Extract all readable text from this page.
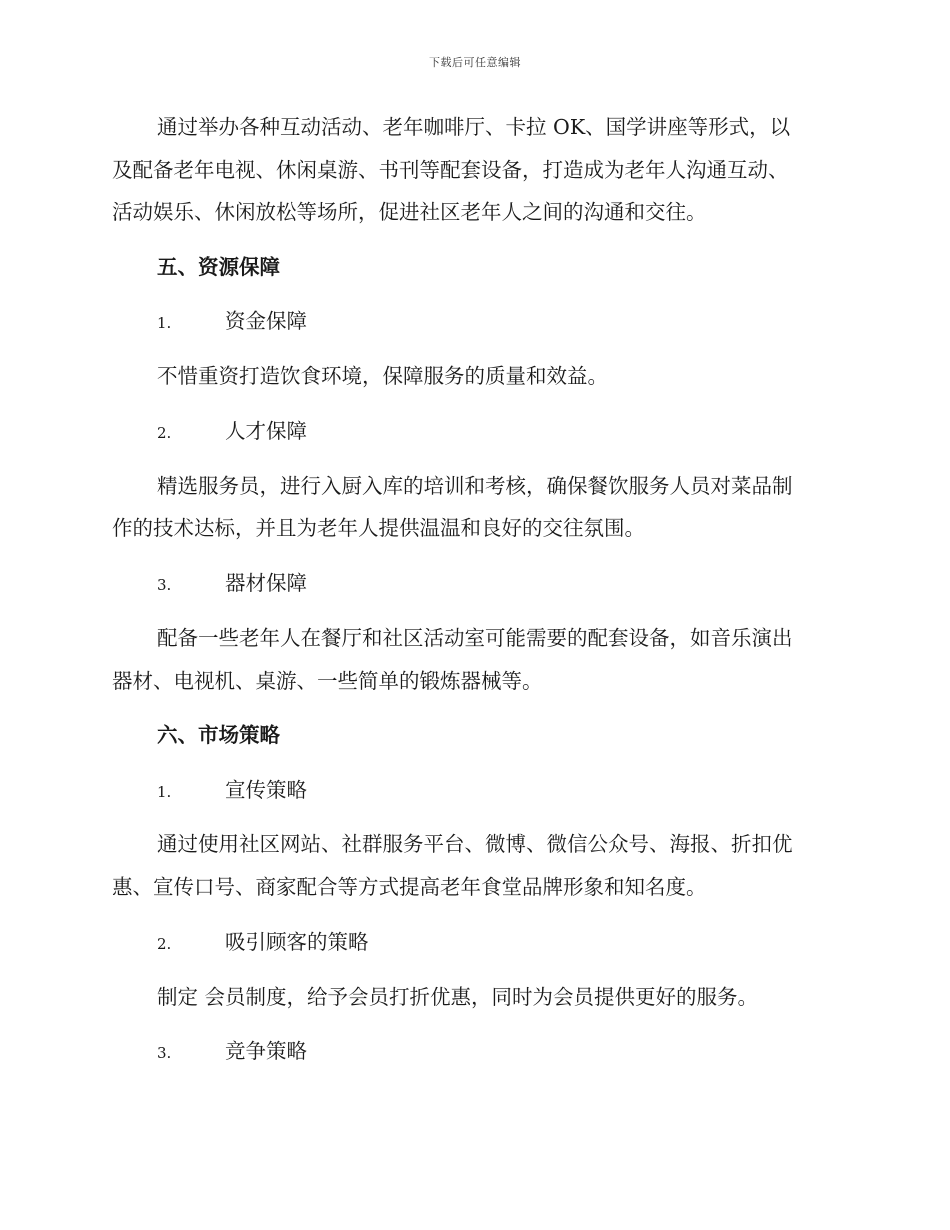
下载后可任意编辑
通过举办各种互动活动、老年咖啡厅、卡拉 OK、国学讲座等形式，以
及配备老年电视、休闲桌游、书刊等配套设备，打造成为老年人沟通互动、
活动娱乐、休闲放松等场所，促进社区老年人之间的沟通和交往。
五、资源保障
1.	资金保障
不惜重资打造饮食环境，保障服务的质量和效益。
2.	人才保障
精选服务员，进行入厨入库的培训和考核，确保餐饮服务人员对菜品制
作的技术达标，并且为老年人提供温温和良好的交往氛围。
3.	器材保障
配备一些老年人在餐厅和社区活动室可能需要的配套设备，如音乐演出
器材、电视机、桌游、一些简单的锻炼器械等。
六、市场策略
1.	宣传策略
通过使用社区网站、社群服务平台、微博、微信公众号、海报、折扣优
惠、宣传口号、商家配合等方式提高老年食堂品牌形象和知名度。
2.	吸引顾客的策略
制定 会员制度，给予会员打折优惠，同时为会员提供更好的服务。
3.	竞争策略
